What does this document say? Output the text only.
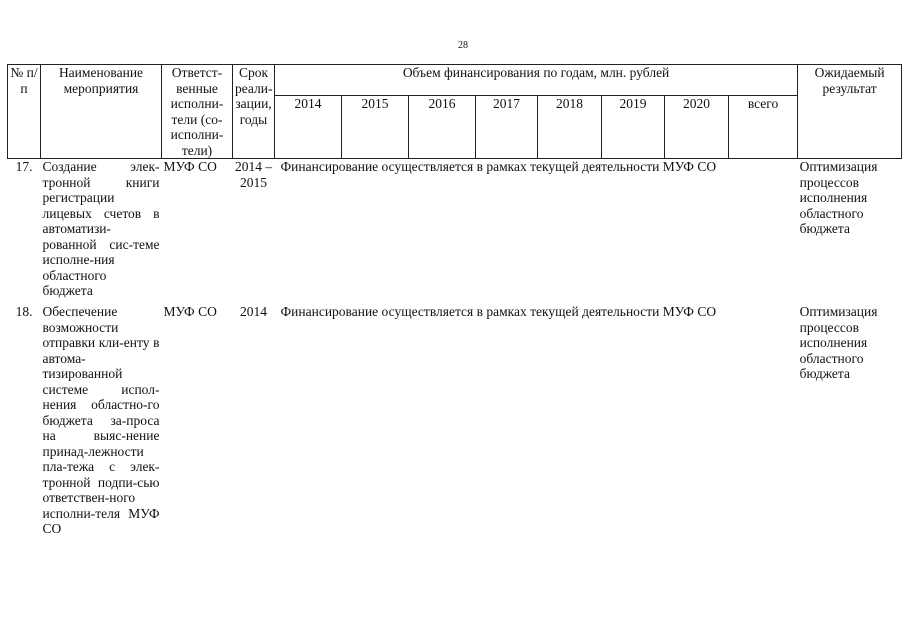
28
№ п/п	Наименование мероприятия	Ответст-венные исполни-тели (со-исполни-тели)	Срок реали-зации, годы	Объем финансирования по годам, млн. рублей								Ожидаемый результат
				2014	2015	2016	2017	2018	2019	2020	всего	
17.	Создание элек-тронной книги регистрации лицевых счетов в автоматизи-рованной сис-теме исполне-ния областного бюджета	МУФ СО	2014 – 2015	Финансирование осуществляется в рамках текущей деятельности МУФ СО								Оптимизация процессов исполнения областного бюджета
18.	Обеспечение возможности отправки кли-енту в автома-тизированной системе испол-нения областно-го бюджета за-проса на выяс-нение принад-лежности пла-тежа с элек-тронной подпи-сью ответствен-ного исполни-теля МУФ СО	МУФ СО	2014	Финансирование осуществляется в рамках текущей деятельности МУФ СО								Оптимизация процессов исполнения областного бюджета
